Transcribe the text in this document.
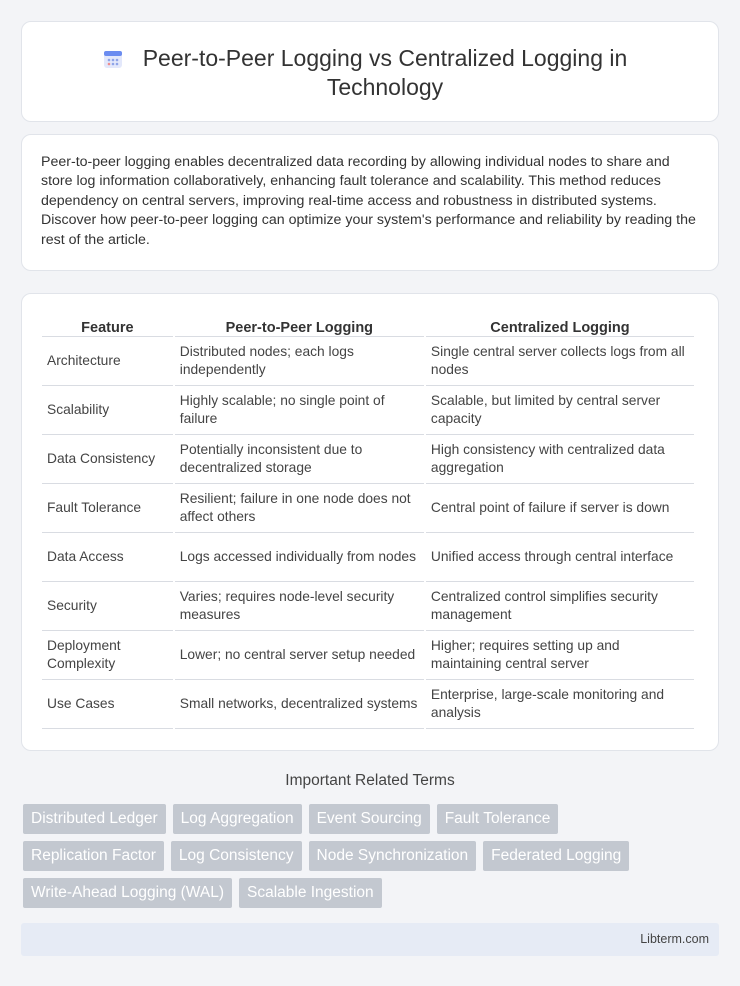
Peer-to-Peer Logging vs Centralized Logging in Technology

Peer-to-peer logging enables decentralized data recording by allowing individual nodes to share and store log information collaboratively, enhancing fault tolerance and scalability. This method reduces dependency on central servers, improving real-time access and robustness in distributed systems. Discover how peer-to-peer logging can optimize your system's performance and reliability by reading the rest of the article.

Feature	Peer-to-Peer Logging	Centralized Logging
Architecture	Distributed nodes; each logs independently	Single central server collects logs from all nodes
Scalability	Highly scalable; no single point of failure	Scalable, but limited by central server capacity
Data Consistency	Potentially inconsistent due to decentralized storage	High consistency with centralized data aggregation
Fault Tolerance	Resilient; failure in one node does not affect others	Central point of failure if server is down
Data Access	Logs accessed individually from nodes	Unified access through central interface
Security	Varies; requires node-level security measures	Centralized control simplifies security management
Deployment Complexity	Lower; no central server setup needed	Higher; requires setting up and maintaining central server
Use Cases	Small networks, decentralized systems	Enterprise, large-scale monitoring and analysis
Important Related Terms
Distributed Ledger	Log Aggregation	Event Sourcing	Fault Tolerance
Replication Factor	Log Consistency	Node Synchronization	Federated Logging
Write-Ahead Logging (WAL)	Scalable Ingestion
Libterm.com
